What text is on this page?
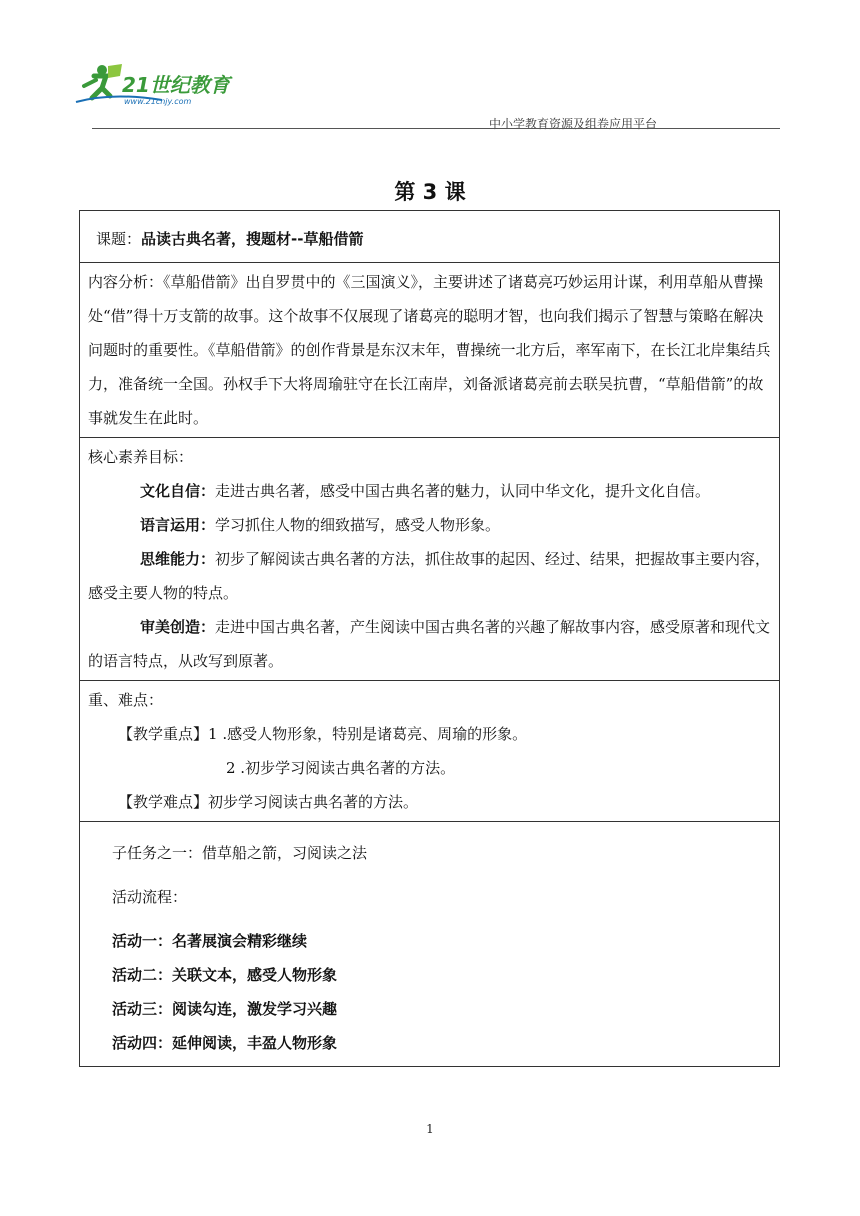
21世纪教育
www.21cnjy.com
中小学教育资源及组卷应用平台
第 3 课
课题：品读古典名著，搜题材--草船借箭

内容分析：《草船借箭》出自罗贯中的《三国演义》，主要讲述了诸葛亮巧妙运用计谋，利用草船从曹操处“借”得十万支箭的故事。这个故事不仅展现了诸葛亮的聪明才智，也向我们揭示了智慧与策略在解决问题时的重要性。《草船借箭》的创作背景是东汉末年，曹操统一北方后，率军南下，在长江北岸集结兵力，准备统一全国。孙权手下大将周瑜驻守在长江南岸，刘备派诸葛亮前去联吴抗曹，“草船借箭”的故事就发生在此时。

核心素养目标：
文化自信：走进古典名著，感受中国古典名著的魅力，认同中华文化，提升文化自信。
语言运用：学习抓住人物的细致描写，感受人物形象。
思维能力：初步了解阅读古典名著的方法，抓住故事的起因、经过、结果，把握故事主要内容，感受主要人物的特点。
审美创造：走进中国古典名著，产生阅读中国古典名著的兴趣了解故事内容，感受原著和现代文的语言特点，从改写到原著。

重、难点：
【教学重点】1 .感受人物形象，特别是诸葛亮、周瑜的形象。
2 .初步学习阅读古典名著的方法。
【教学难点】初步学习阅读古典名著的方法。

子任务之一：借草船之箭，习阅读之法
活动流程：
活动一：名著展演会精彩继续
活动二：关联文本，感受人物形象
活动三：阅读勾连，激发学习兴趣
活动四：延伸阅读，丰盈人物形象
1
